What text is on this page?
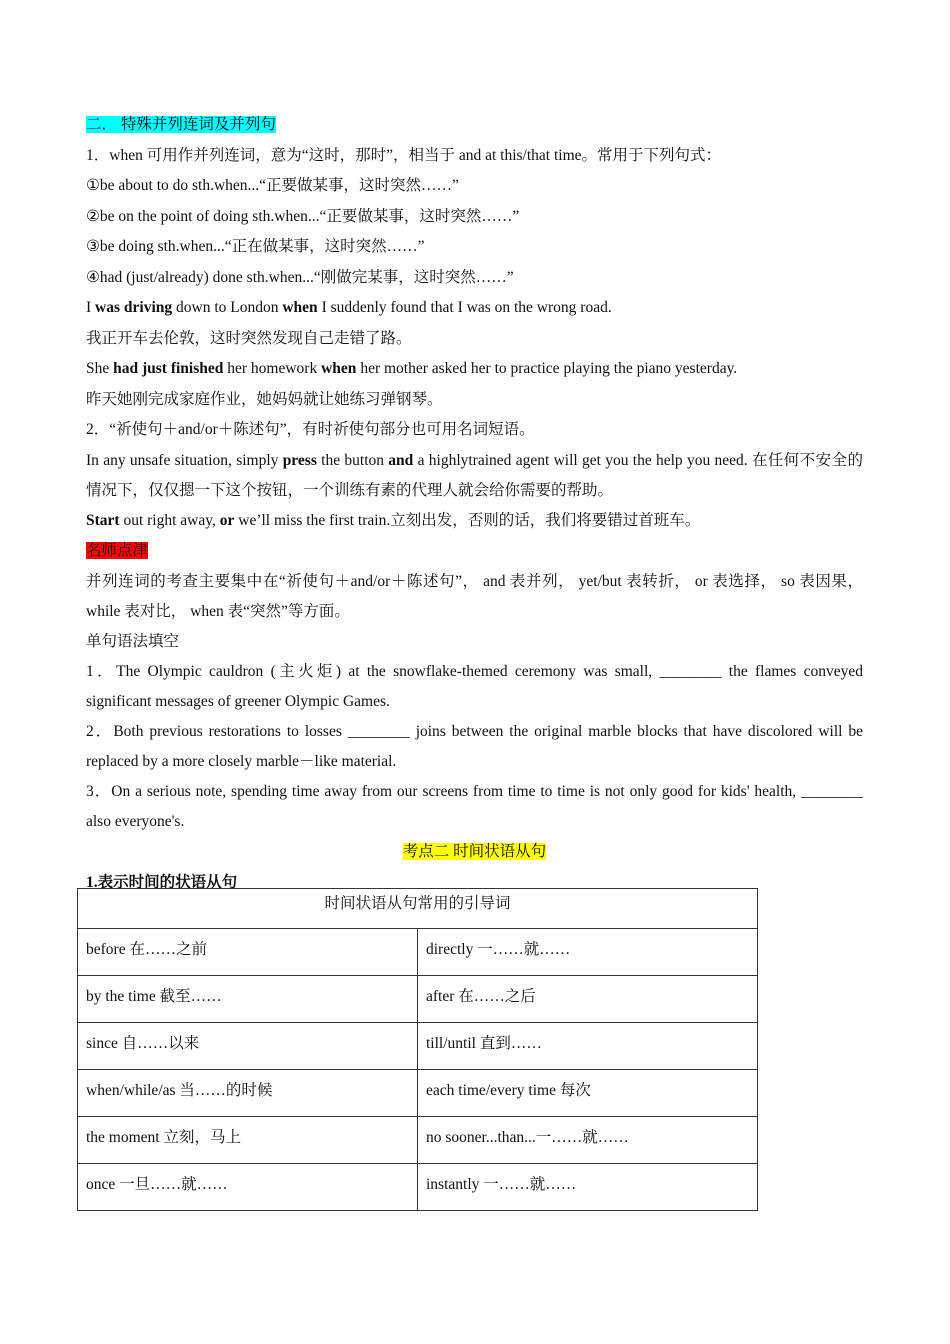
二． 特殊并列连词及并列句
1．when 可用作并列连词，意为“这时，那时”，相当于 and at this/that time。常用于下列句式：
①be about to do sth.when...“正要做某事，这时突然……”
②be on the point of doing sth.when...“正要做某事，这时突然……”
③be doing sth.when...“正在做某事，这时突然……”
④had (just/already) done sth.when...“刚做完某事，这时突然……”
I was driving down to London when I suddenly found that I was on the wrong road.
我正开车去伦敦，这时突然发现自己走错了路。
She had just finished her homework when her mother asked her to practice playing the piano yesterday.
昨天她刚完成家庭作业，她妈妈就让她练习弹钢琴。
2．“祈使句＋and/or＋陈述句”，有时祈使句部分也可用名词短语。
In any unsafe situation, simply press the button and a highlytrained agent will get you the help you need. 在任何不安全的情况下，仅仅摁一下这个按钮，一个训练有素的代理人就会给你需要的帮助。
Start out right away, or we’ll miss the first train.立刻出发，否则的话，我们将要错过首班车。
名师点津
并列连词的考查主要集中在“祈使句＋and/or＋陈述句”， and 表并列， yet/but 表转折， or 表选择， so 表因果， while 表对比， when 表“突然”等方面。
单句语法填空
1．The Olympic cauldron (主火炬) at the snowflake-themed ceremony was small, ________ the flames conveyed significant messages of greener Olympic Games.
2．Both previous restorations to losses ________ joins between the original marble blocks that have discolored will be replaced by a more closely marble－like material.
3．On a serious note, spending time away from our screens from time to time is not only good for kids' health, ________ also everyone's.
考点二 时间状语从句
1.表示时间的状语从句
时间状语从句常用的引导词	
before 在……之前	directly 一……就……
by the time 截至……	after 在……之后
since 自……以来	till/until 直到……
when/while/as 当……的时候	each time/every time 每次
the moment 立刻，马上	no sooner...than...一……就……
once 一旦……就……	instantly 一……就……
